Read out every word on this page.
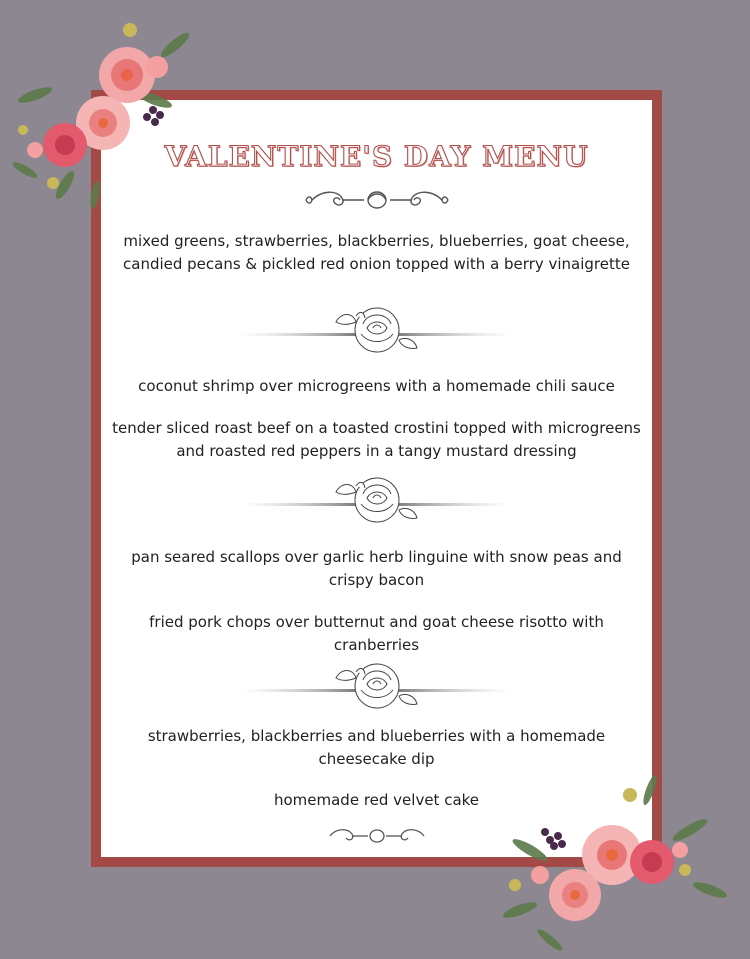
VALENTINE'S DAY MENU
mixed greens, strawberries, blackberries, blueberries, goat cheese, candied pecans & pickled red onion topped with a berry vinaigrette
coconut shrimp over microgreens with a homemade chili sauce
tender sliced roast beef on a toasted crostini topped with microgreens and roasted red peppers in a tangy mustard dressing
pan seared scallops over garlic herb linguine with snow peas and crispy bacon
fried pork chops over butternut and goat cheese risotto with cranberries
strawberries, blackberries and blueberries with a homemade cheesecake dip
homemade red velvet cake
